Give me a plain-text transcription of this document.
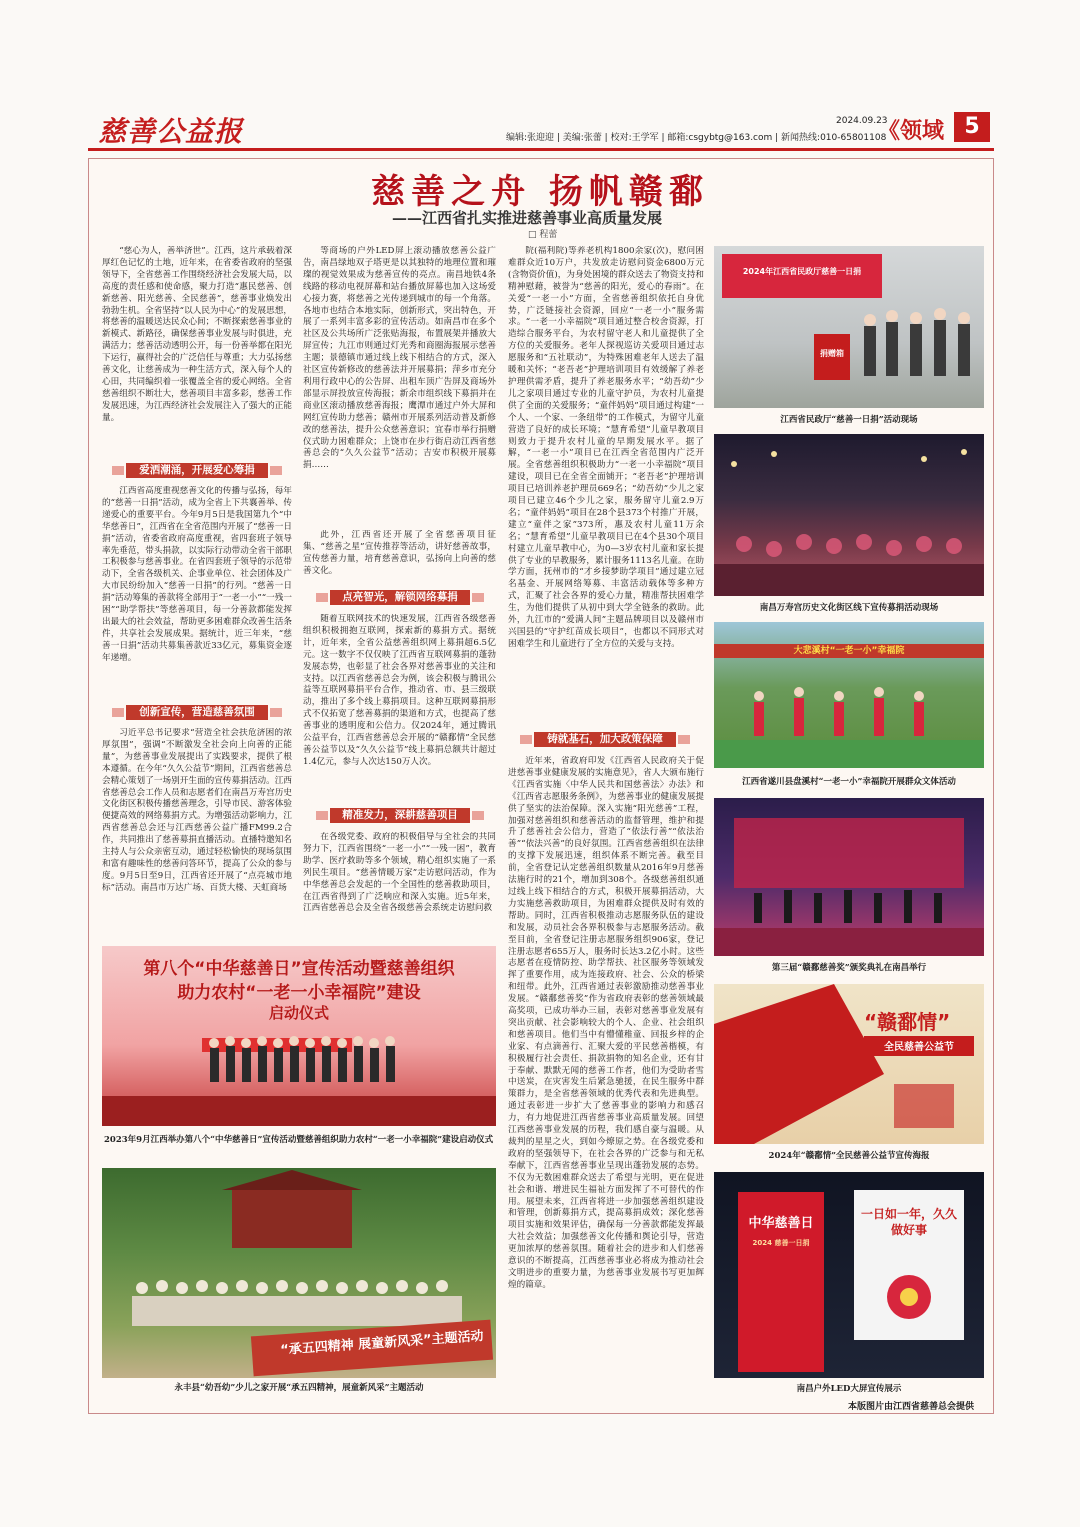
慈善公益报	编辑:张迎迎 | 美编:张蕾 | 校对:王学军 | 邮箱:csgybtg@163.com | 新闻热线:010-65801108
2024.09.23
《领域 5
慈善之舟 扬帆赣鄱
——江西省扎实推进慈善事业高质量发展
□ 程蕾

“慈心为人，善举济世”。江西，这片承载着深厚红色记忆的土地，近年来，在省委省政府的坚强领导下，全省慈善工作围绕经济社会发展大局，以高度的责任感和使命感，聚力打造“惠民慈善、创新慈善、阳光慈善、全民慈善”，慈善事业焕发出勃勃生机。全省坚持“以人民为中心”的发展思想，将慈善的温暖送达民众心间；不断探索慈善事业的新模式、新路径，确保慈善事业发展与时俱进，充满活力；慈善活动透明公开，每一份善举都在阳光下运行，赢得社会的广泛信任与尊重；大力弘扬慈善文化，让慈善成为一种生活方式，深入每个人的心田，共同编织着一张覆盖全省的爱心网络。全省慈善组织不断壮大，慈善项目丰富多彩，慈善工作发展迅速，为江西经济社会发展注入了强大的正能量。

爱洒潮涌，开展爱心筹捐

江西省高度重视慈善文化的传播与弘扬，每年的“慈善一日捐”活动，成为全省上下共襄善举、传递爱心的重要平台。今年9月5日是我国第九个“中华慈善日”，江西省在全省范围内开展了“慈善一日捐”活动，省委省政府高度重视，省四套班子领导率先垂范，带头捐款，以实际行动带动全省干部职工积极参与慈善事业。在省四套班子领导的示范带动下，全省各级机关、企事业单位、社会团体及广大市民纷纷加入“慈善一日捐”的行列。“慈善一日捐”活动筹集的善款将全部用于“一老一小”“一残一困”“助学帮扶”等慈善项目，每一分善款都能发挥出最大的社会效益，帮助更多困难群众改善生活条件，共享社会发展成果。据统计，近三年来，“慈善一日捐”活动共募集善款近33亿元，募集资金逐年递增。

创新宣传，营造慈善氛围

习近平总书记要求“营造全社会扶危济困的浓厚氛围”，强调“不断激发全社会向上向善的正能量”，为慈善事业发展提出了实践要求，提供了根本遵循。在今年“久久公益节”期间，江西省慈善总会精心策划了一场别开生面的宣传募捐活动。江西省慈善总会工作人员和志愿者们在南昌万寿宫历史文化街区积极传播慈善理念，引导市民、游客体验便捷高效的网络募捐方式。为增强活动影响力，江西省慈善总会还与江西慈善公益广播FM99.2合作，共同推出了慈善募捐直播活动。直播特邀知名主持人与公众亲密互动，通过轻松愉快的现场氛围和富有趣味性的慈善问答环节，提高了公众的参与度。9月5日至9日，江西省还开展了“点亮城市地标”活动。南昌市万达广场、百货大楼、天虹商场

等商场的户外LED屏上滚动播放慈善公益广告，南昌绿地双子塔更是以其独特的地理位置和璀璨的视觉效果成为慈善宣传的亮点。南昌地铁4条线路的移动电视屏幕和站台播放屏幕也加入这场爱心接力赛，将慈善之光传递到城市的每一个角落。各地市也结合本地实际，创新形式，突出特色，开展了一系列丰富多彩的宣传活动。如南昌市在多个社区及公共场所广泛张贴海报，布置展架并播放大屏宣传；九江市则通过灯光秀和商圈海报展示慈善主题；景德镇市通过线上线下相结合的方式，深入社区宣传新修改的慈善法并开展募捐；萍乡市充分利用行政中心的公告屏、出租车顶广告屏及商场外部显示屏投放宣传海报；新余市组织线下募捐并在商业区滚动播放慈善海报；鹰潭市通过户外大屏和网红宣传助力慈善；赣州市开展系列活动普及新修改的慈善法，提升公众慈善意识；宜春市举行捐赠仪式助力困难群众；上饶市在步行街启动江西省慈善总会的“久久公益节”活动；吉安市积极开展募捐……

此外，江西省还开展了全省慈善项目征集、“慈善之星”宣传推荐等活动，讲好慈善故事，宣传慈善力量，培育慈善意识，弘扬向上向善的慈善文化。

点亮智光，解锁网络募捐

随着互联网技术的快速发展，江西省各级慈善组织积极拥抱互联网，探索新的募捐方式。据统计，近年来，全省公益慈善组织网上募捐超6.5亿元。这一数字不仅仅映了江西省互联网募捐的蓬勃发展态势，也彰显了社会各界对慈善事业的关注和支持。以江西省慈善总会为例，该会积极与腾讯公益等互联网募捐平台合作，推动省、市、县三级联动，推出了多个线上募捐项目。这种互联网募捐形式不仅拓宽了慈善募捐的渠道和方式，也提高了慈善事业的透明度和公信力。仅2024年，通过腾讯公益平台，江西省慈善总会开展的“赣鄱情”全民慈善公益节以及“久久公益节”线上募捐总额共计超过1.4亿元，参与人次达150万人次。

精准发力，深耕慈善项目

在各级党委、政府的积极倡导与全社会的共同努力下，江西省围绕“一老一小”“一残一困”，教育助学、医疗救助等多个领域，精心组织实施了一系列民生项目。“慈善情暖万家”走访慰问活动，作为中华慈善总会发起的一个全国性的慈善救助项目，在江西省得到了广泛响应和深入实施。近5年来，江西省慈善总会及全省各级慈善会系统走访慰问救

院(福利院)等养老机构1800余家(次)，慰问困难群众近10万户，共发放走访慰问资金6800万元(含物资价值)，为身处困境的群众送去了物资支持和精神慰藉，被誉为“慈善的阳光，爱心的春雨”。在关爱“一老一小”方面，全省慈善组织依托自身优势，广泛链接社会资源，回应“一老一小”服务需求。“一老一小幸福院”项目通过整合校舍资源，打造综合服务平台，为农村留守老人和儿童提供了全方位的关爱服务。老年人探视巡访关爱项目通过志愿服务和“五社联动”，为特殊困难老年人送去了温暖和关怀；“老吾老”护理培训项目有效缓解了养老护理供需矛盾，提升了养老服务水平；“幼吾幼”少儿之家项目通过专业的儿童守护员，为农村儿童提供了全面的关爱服务；“童伴妈妈”项目通过构建“一个人、一个家、一条纽带”的工作模式，为留守儿童营造了良好的成长环境；“慧育希望”儿童早教项目则致力于提升农村儿童的早期发展水平。据了解，“一老一小”项目已在江西全省范围内广泛开展。全省慈善组织积极助力“一老一小幸福院”项目建设，项目已在全省全面铺开；“老吾老”护理培训项目已培训养老护理员669名；“幼吾幼”少儿之家项目已建立46个少儿之家，服务留守儿童2.9万名；“童伴妈妈”项目在28个县373个村推广开展，建立“童伴之家”373所，惠及农村儿童11万余名；“慧育希望”儿童早教项目已在4个县30个项目村建立儿童早教中心，为0—3岁农村儿童和家长提供了专业的早教服务，累计服务1113名儿童。在助学方面，抚州市的“才乡接梦助学项目”通过建立冠名基金、开展网络筹募、丰富活动载体等多种方式，汇聚了社会各界的爱心力量，精准帮扶困难学生，为他们提供了从初中到大学全链条的救助。此外，九江市的“爱满人间”主题品牌项目以及赣州市兴国县的“守护红苗成长项目”，也都以不同形式对困难学生和儿童进行了全方位的关爱与支持。

铸就基石，加大政策保障

近年来，省政府印发《江西省人民政府关于促进慈善事业健康发展的实施意见》，省人大颁布施行《江西省实施〈中华人民共和国慈善法〉办法》和《江西省志愿服务条例》，为慈善事业的健康发展提供了坚实的法治保障。深入实施“阳光慈善”工程，加强对慈善组织和慈善活动的监督管理，维护和提升了慈善社会公信力，营造了“依法行善”“依法治善”“依法兴善”的良好氛围。江西省慈善组织在法律的支撑下发展迅速，组织体系不断完善。截至目前，全省登记认定慈善组织数量从2016年9月慈善法施行时的21个，增加到308个。各级慈善组织通过线上线下相结合的方式，积极开展募捐活动，大力实施慈善救助项目，为困难群众提供及时有效的帮助。同时，江西省积极推动志愿服务队伍的建设和发展，动员社会各界积极参与志愿服务活动。截至目前，全省登记注册志愿服务组织906家，登记注册志愿者655万人，服务时长达3.2亿小时。这些志愿者在疫情防控、助学帮扶、社区服务等领域发挥了重要作用，成为连接政府、社会、公众的桥梁和纽带。此外，江西省通过表彰激励推动慈善事业发展。“赣鄱慈善奖”作为省政府表彰的慈善领域最高奖项，已成功举办三届，表彰对慈善事业发展有突出贡献、社会影响较大的个人、企业、社会组织和慈善项目。他们当中有懵懂稚童、回报乡梓的企业家、有点滴善行、汇聚大爱的平民慈善楷模，有积极履行社会责任、捐款捐物的知名企业，还有甘于奉献、默默无闻的慈善工作者，他们为受助者雪中送炭，在灾害发生后紧急驰援，在民生服务中群策群力，是全省慈善领域的优秀代表和先进典型。通过表彰进一步扩大了慈善事业的影响力和感召力，有力地促进江西省慈善事业高质量发展。回望江西慈善事业发展的历程，我们感自豪与温暖。从裁判的星星之火，到如今燎原之势。在各级党委和政府的坚强领导下，在社会各界的广泛参与和无私奉献下，江西省慈善事业呈现出蓬勃发展的态势。不仅为无数困难群众送去了希望与光明，更在促进社会和谐、增进民生福祉方面发挥了不可替代的作用。展望未来，江西省将进一步加强慈善组织建设和管理，创新募捐方式，提高募捐成效；深化慈善项目实施和效果评估，确保每一分善款都能发挥最大社会效益；加强慈善文化传播和舆论引导，营造更加浓厚的慈善氛围。随着社会的进步和人们慈善意识的不断提高，江西慈善事业必将成为推动社会文明进步的重要力量，为慈善事业发展书写更加辉煌的篇章。

第八个“中华慈善日”宣传活动暨慈善组织
助力农村“一老一小幸福院”建设
启动仪式
2023年9月江西举办第八个“中华慈善日”宣传活动暨慈善组织助力农村“一老一小幸福院”建设启动仪式
“承五四精神 展童新风采”主题活动
永丰县“幼吾幼”少儿之家开展“承五四精神，展童新风采”主题活动
2024年江西省民政厅慈善一日捐
捐赠箱
江西省民政厅“慈善一日捐”活动现场
南昌万寿宫历史文化街区线下宣传募捐活动现场
大悲溪村“一老一小”幸福院
江西省遂川县盘溪村“一老一小”幸福院开展群众文体活动
第三届“赣鄱慈善奖”颁奖典礼在南昌举行
“赣鄱情”
全民慈善公益节
2024年“赣鄱情”全民慈善公益节宣传海报
中华慈善日
2024 慈善一日捐
一日如一年，久久做好事
南昌户外LED大屏宣传展示
本版图片由江西省慈善总会提供
